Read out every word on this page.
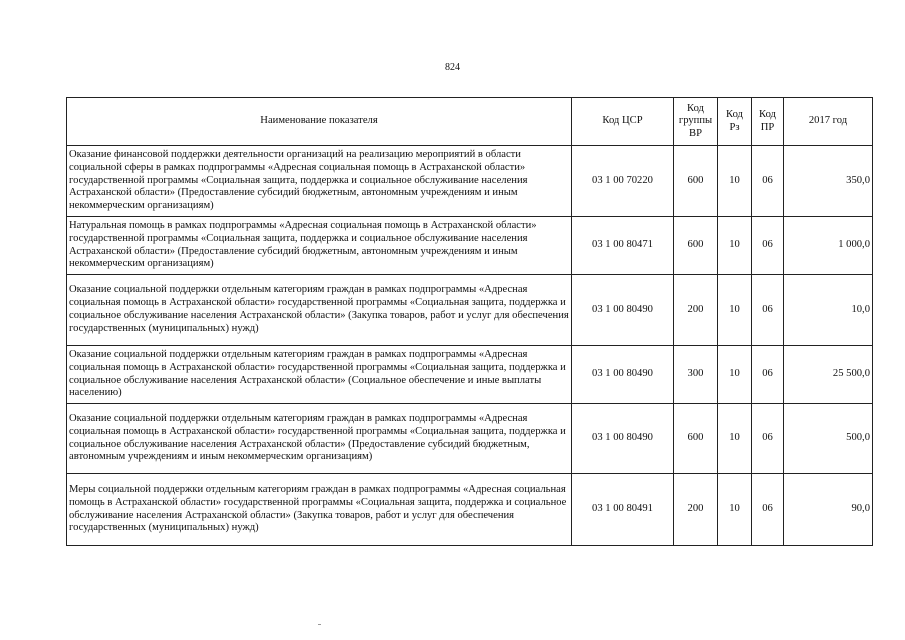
824
Наименование показателя	Код ЦСР	Код группы ВР	Код Рз	Код ПР	2017 год
Оказание финансовой поддержки деятельности организаций на реализацию мероприятий в области социальной сферы в рамках подпрограммы «Адресная социальная помощь в Астраханской области» государственной программы «Социальная защита, поддержка и социальное обслуживание населения Астраханской области» (Предоставление субсидий бюджетным, автономным учреждениям и иным некоммерческим организациям)	03 1 00 70220	600	10	06	350,0
Натуральная помощь в рамках подпрограммы «Адресная социальная помощь в Астраханской области» государственной программы «Социальная защита, поддержка и социальное обслуживание населения Астраханской области» (Предоставление субсидий бюджетным, автономным учреждениям и иным некоммерческим организациям)	03 1 00 80471	600	10	06	1 000,0
Оказание социальной поддержки отдельным категориям граждан в рамках подпрограммы «Адресная социальная помощь в Астраханской области» государственной программы «Социальная защита, поддержка и социальное обслуживание населения Астраханской области» (Закупка товаров, работ и услуг для обеспечения государственных (муниципальных) нужд)	03 1 00 80490	200	10	06	10,0
Оказание социальной поддержки отдельным категориям граждан в рамках подпрограммы «Адресная социальная помощь в Астраханской области» государственной программы «Социальная защита, поддержка и социальное обслуживание населения Астраханской области» (Социальное обеспечение и иные выплаты населению)	03 1 00 80490	300	10	06	25 500,0
Оказание социальной поддержки отдельным категориям граждан в рамках подпрограммы «Адресная социальная помощь в Астраханской области» государственной программы «Социальная защита, поддержка и социальное обслуживание населения Астраханской области» (Предоставление субсидий бюджетным, автономным учреждениям и иным некоммерческим организациям)	03 1 00 80490	600	10	06	500,0
Меры социальной поддержки отдельным категориям граждан в рамках подпрограммы «Адресная социальная помощь в Астраханской области» государственной программы «Социальная защита, поддержка и социальное обслуживание населения Астраханской области» (Закупка товаров, работ и услуг для обеспечения государственных (муниципальных) нужд)	03 1 00 80491	200	10	06	90,0
